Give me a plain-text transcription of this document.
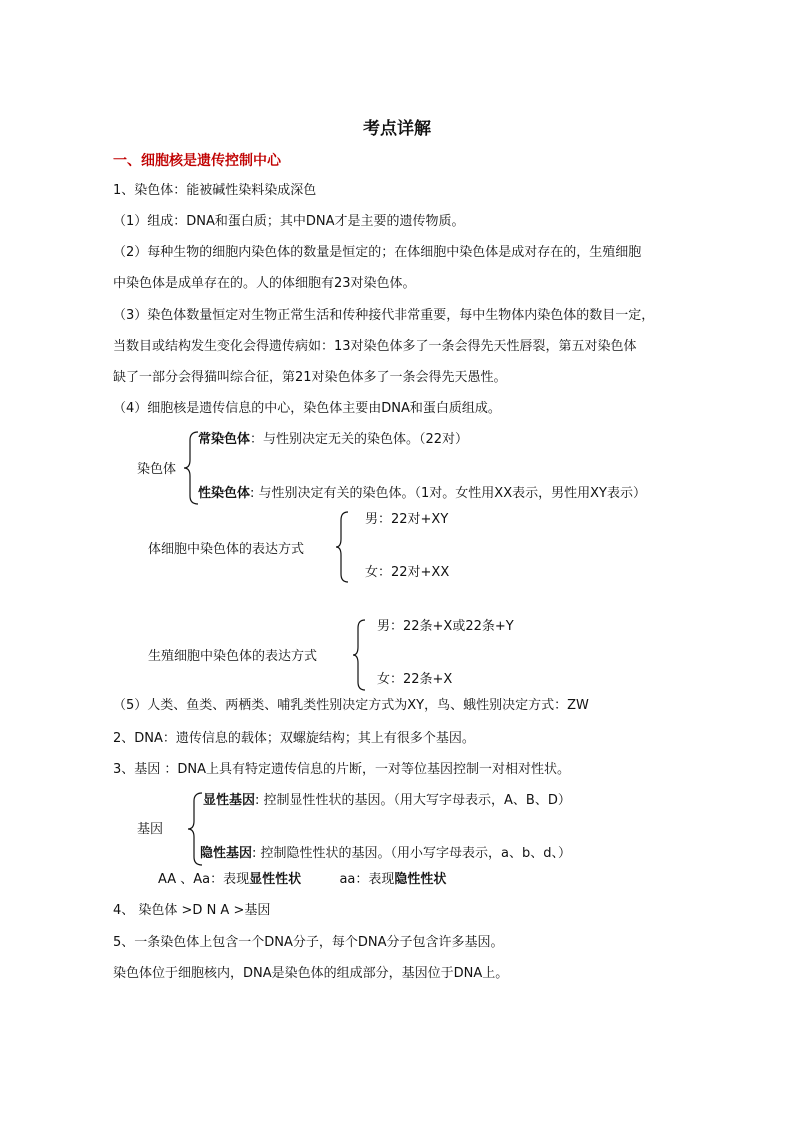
考点详解
一、细胞核是遗传控制中心
1、染色体：能被碱性染料染成深色
（1）组成：DNA和蛋白质；其中DNA才是主要的遗传物质。
（2）每种生物的细胞内染色体的数量是恒定的；在体细胞中染色体是成对存在的，生殖细胞
中染色体是成单存在的。人的体细胞有23对染色体。
（3）染色体数量恒定对生物正常生活和传种接代非常重要，每中生物体内染色体的数目一定，
当数目或结构发生变化会得遗传病如：13对染色体多了一条会得先天性唇裂，第五对染色体
缺了一部分会得猫叫综合征，第21对染色体多了一条会得先天愚性。
（4）细胞核是遗传信息的中心，染色体主要由DNA和蛋白质组成。
染色体
常染色体：与性别决定无关的染色体。（22对）
性染色体: 与性别决定有关的染色体。（1对。女性用XX表示，男性用XY表示）
体细胞中染色体的表达方式
男：22对+XY
女：22对+XX
生殖细胞中染色体的表达方式
男：22条+X或22条+Y
女：22条+X
（5）人类、鱼类、两栖类、哺乳类性别决定方式为XY，鸟、蛾性别决定方式：ZW
2、DNA：遗传信息的载体；双螺旋结构；其上有很多个基因。
3、基因 ：DNA上具有特定遗传信息的片断，一对等位基因控制一对相对性状。
基因
显性基因: 控制显性性状的基因。（用大写字母表示，A、B、D）
隐性基因: 控制隐性性状的基因。（用小写字母表示，a、b、d、）
AA 、Aa：表现显性性状	aa：表现隐性性状
4、 染色体 >D N A >基因
5、一条染色体上包含一个DNA分子，每个DNA分子包含许多基因。
染色体位于细胞核内，DNA是染色体的组成部分，基因位于DNA上。
